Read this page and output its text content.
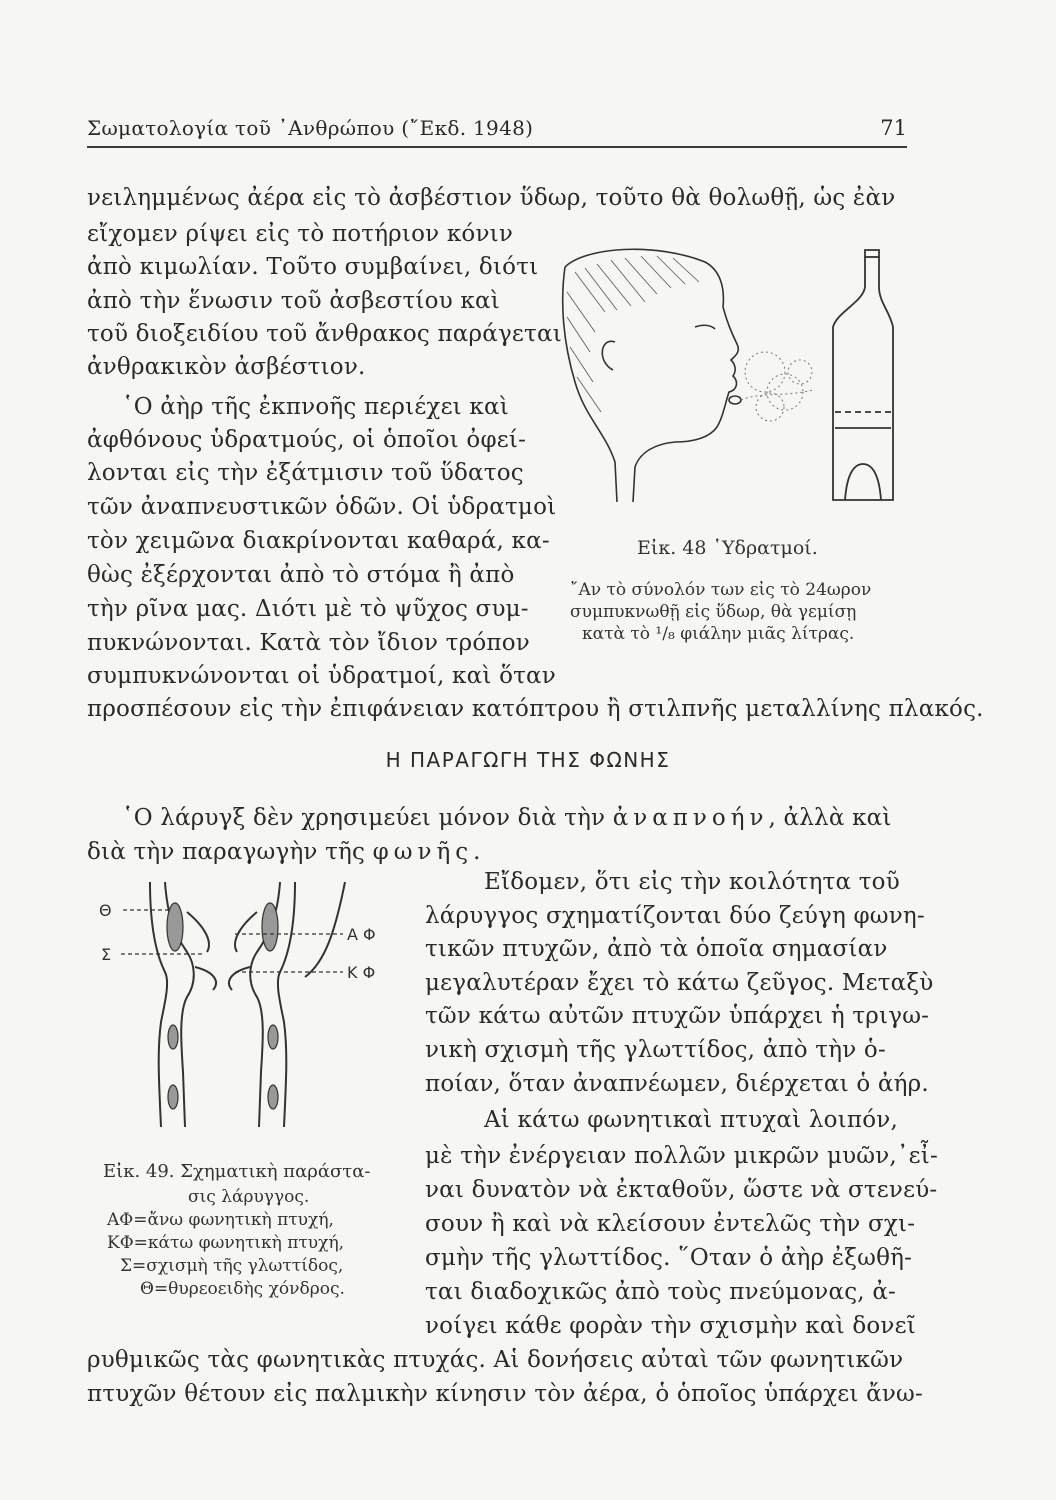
Σωματολογία τοῦ ᾿Ανθρώπου (῎Εκδ. 1948)	71
νειλημμένως ἀέρα εἰς τὸ ἀσβέστιον ὕδωρ, τοῦτο θὰ θολωθῇ, ὡς ἐὰν
εἴχομεν ρίψει εἰς τὸ ποτήριον κόνιν
ἀπὸ κιμωλίαν. Τοῦτο συμβαίνει, διότι
ἀπὸ τὴν ἕνωσιν τοῦ ἀσβεστίου καὶ
τοῦ διοξειδίου τοῦ ἄνθρακος παράγεται
ἀνθρακικὸν ἀσβέστιον.
῾Ο ἀὴρ τῆς ἐκπνοῆς περιέχει καὶ
ἀφθόνους ὑδρατμούς, οἱ ὁποῖοι ὀφεί-
λονται εἰς τὴν ἐξάτμισιν τοῦ ὕδατος
τῶν ἀναπνευστικῶν ὁδῶν. Οἱ ὑδρατμοὶ
τὸν χειμῶνα διακρίνονται καθαρά, κα-
θὼς ἐξέρχονται ἀπὸ τὸ στόμα ἢ ἀπὸ
τὴν ρῖνα μας. Διότι μὲ τὸ ψῦχος συμ-
πυκνώνονται. Κατὰ τὸν ἴδιον τρόπον
συμπυκνώνονται οἱ ὑδρατμοί, καὶ ὅταν
προσπέσουν εἰς τὴν ἐπιφάνειαν κατόπτρου ἢ στιλπνῆς μεταλλίνης πλακός.
Εἰκ. 48 ῾Υδρατμοί.
῎Αν τὸ σύνολόν των εἰς τὸ 24ωρον
συμπυκνωθῇ εἰς ὕδωρ, θὰ γεμίσῃ
κατὰ τὸ ¹/₈ φιάλην μιᾶς λίτρας.
Η ΠΑΡΑΓΩΓΗ ΤΗΣ ΦΩΝΗΣ
῾Ο λάρυγξ δὲν χρησιμεύει μόνον διὰ τὴν ἀναπνοήν, ἀλλὰ καὶ
διὰ τὴν παραγωγὴν τῆς φωνῆς.
Θ
Σ
Α Φ
Κ Φ
Εἰκ. 49. Σχηματικὴ παράστα-
σις λάρυγγος.
ΑΦ=ἄνω φωνητικὴ πτυχή,
ΚΦ=κάτω φωνητικὴ πτυχή,
Σ=σχισμὴ τῆς γλωττίδος,
Θ=θυρεοειδὴς χόνδρος.
Εἴδομεν, ὅτι εἰς τὴν κοιλότητα τοῦ
λάρυγγος σχηματίζονται δύο ζεύγη φωνη-
τικῶν πτυχῶν, ἀπὸ τὰ ὁποῖα σημασίαν
μεγαλυτέραν ἔχει τὸ κάτω ζεῦγος. Μεταξὺ
τῶν κάτω αὐτῶν πτυχῶν ὑπάρχει ἡ τριγω-
νικὴ σχισμὴ τῆς γλωττίδος, ἀπὸ τὴν ὁ-
ποίαν, ὅταν ἀναπνέωμεν, διέρχεται ὁ ἀήρ.
Αἱ κάτω φωνητικαὶ πτυχαὶ λοιπόν,
μὲ τὴν ἐνέργειαν πολλῶν μικρῶν μυῶν,᾿εἶ-
ναι δυνατὸν νὰ ἐκταθοῦν, ὥστε νὰ στενεύ-
σουν ἢ καὶ νὰ κλείσουν ἐντελῶς τὴν σχι-
σμὴν τῆς γλωττίδος. ῞Οταν ὁ ἀὴρ ἐξωθῆ-
ται διαδοχικῶς ἀπὸ τοὺς πνεύμονας, ἀ-
νοίγει κάθε φορὰν τὴν σχισμὴν καὶ δονεῖ
ρυθμικῶς τὰς φωνητικὰς πτυχάς. Αἱ δονήσεις αὐταὶ τῶν φωνητικῶν
πτυχῶν θέτουν εἰς παλμικὴν κίνησιν τὸν ἀέρα, ὁ ὁποῖος ὑπάρχει ἄνω-
